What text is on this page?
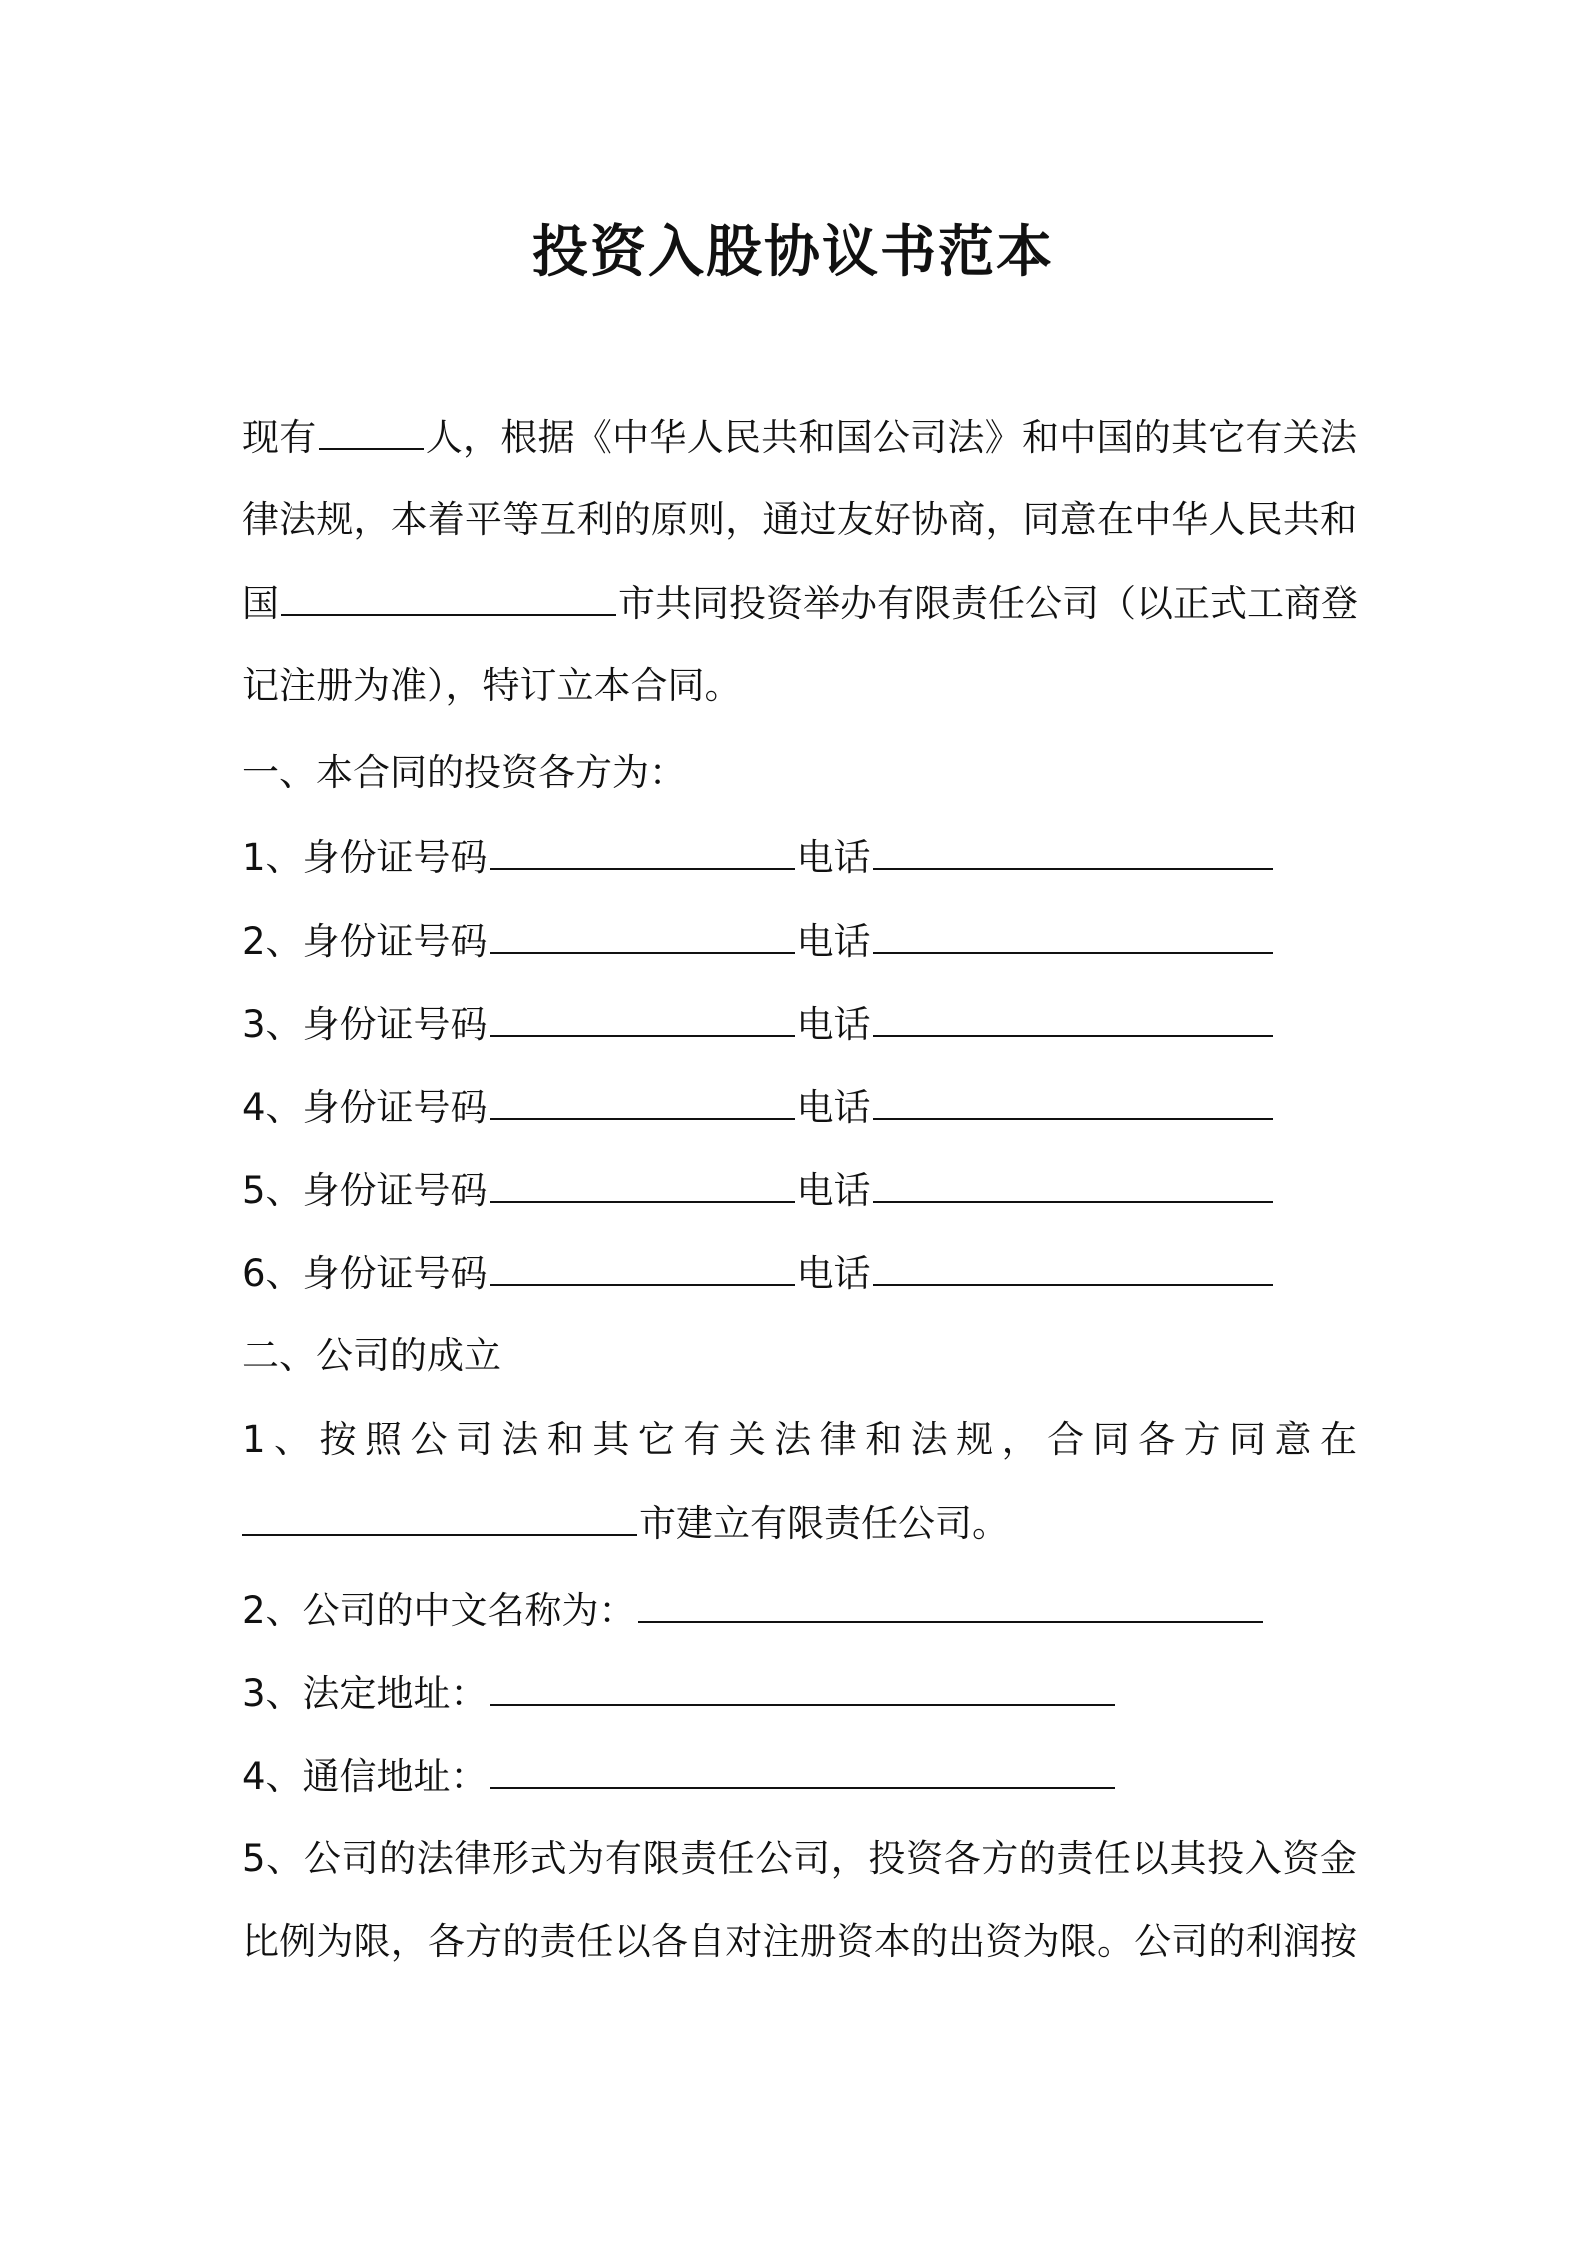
投资入股协议书范本
现有	人，根据《中华人民共和国公司法》和中国的其它有关法
律法规，本着平等互利的原则，通过友好协商，同意在中华人民共和
国	市共同投资举办有限责任公司（以正式工商登
记注册为准），特订立本合同。
一、本合同的投资各方为：
1、身份证号码	电话
2、身份证号码	电话
3、身份证号码	电话
4、身份证号码	电话
5、身份证号码	电话
6、身份证号码	电话
二、公司的成立
1、按照公司法和其它有关法律和法规，合同各方同意在
市建立有限责任公司。
2、公司的中文名称为：
3、法定地址：
4、通信地址：
5、公司的法律形式为有限责任公司，投资各方的责任以其投入资金
比例为限，各方的责任以各自对注册资本的出资为限。公司的利润按
